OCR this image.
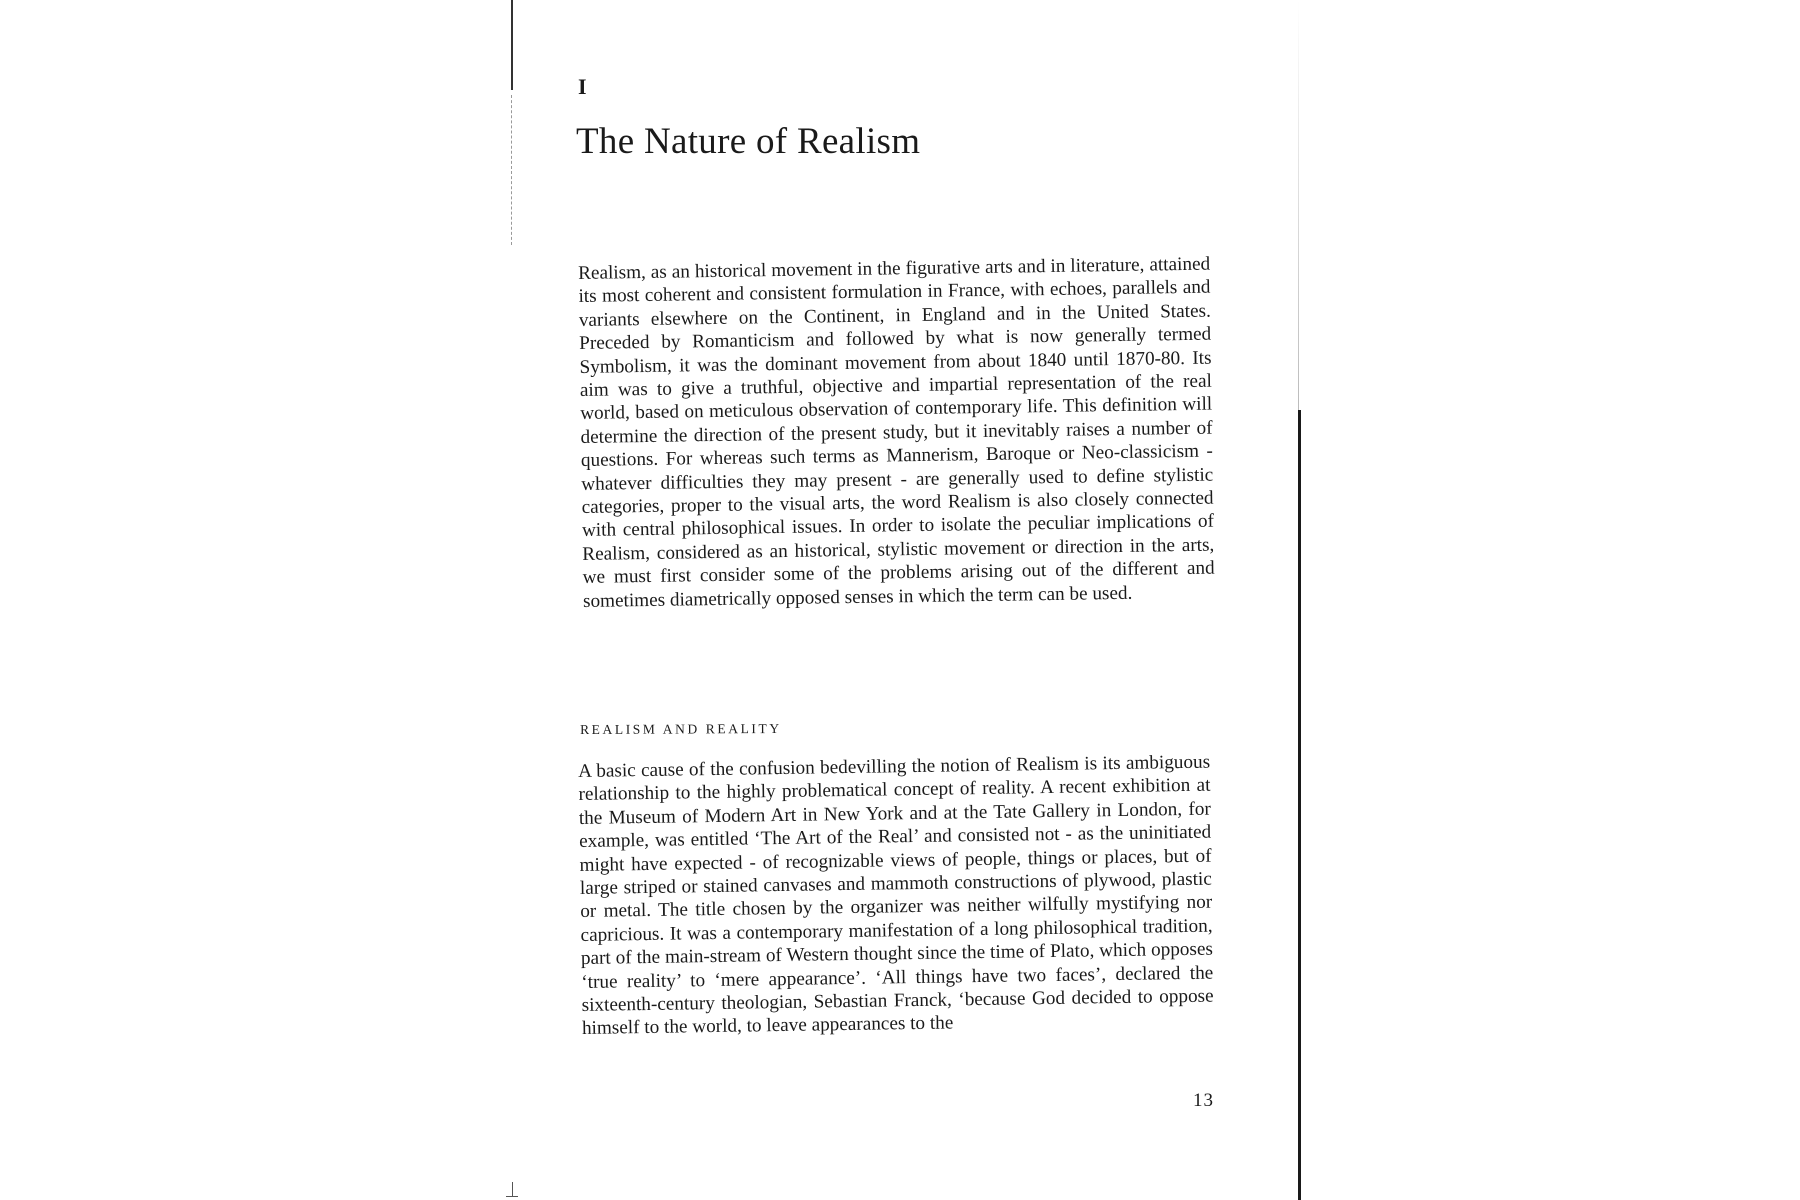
I
The Nature of Realism

Realism, as an historical movement in the figurative arts and in literature, attained its most coherent and consistent formulation in France, with echoes, parallels and variants elsewhere on the Continent, in England and in the United States. Preceded by Romanticism and followed by what is now generally termed Symbolism, it was the dominant movement from about 1840 until 1870-80. Its aim was to give a truthful, objective and impartial representation of the real world, based on meticulous observation of contemporary life. This definition will determine the direction of the present study, but it inevitably raises a number of questions. For whereas such terms as Mannerism, Baroque or Neo-classicism - whatever difficulties they may present - are generally used to define stylistic categories, proper to the visual arts, the word Realism is also closely connected with central philosophical issues. In order to isolate the peculiar implications of Realism, considered as an historical, stylistic movement or direction in the arts, we must first consider some of the problems arising out of the different and sometimes diametrically opposed senses in which the term can be used.

REALISM AND REALITY

A basic cause of the confusion bedevilling the notion of Realism is its ambiguous relationship to the highly problematical concept of reality. A recent exhibition at the Museum of Modern Art in New York and at the Tate Gallery in London, for example, was entitled ‘The Art of the Real’ and consisted not - as the uninitiated might have expected - of recognizable views of people, things or places, but of large striped or stained canvases and mammoth constructions of plywood, plastic or metal. The title chosen by the organizer was neither wilfully mystifying nor capricious. It was a contemporary manifestation of a long philosophical tradition, part of the main-stream of Western thought since the time of Plato, which opposes ‘true reality’ to ‘mere appearance’. ‘All things have two faces’, declared the sixteenth-century theologian, Sebastian Franck, ‘because God decided to oppose himself to the world, to leave appearances to the

13
